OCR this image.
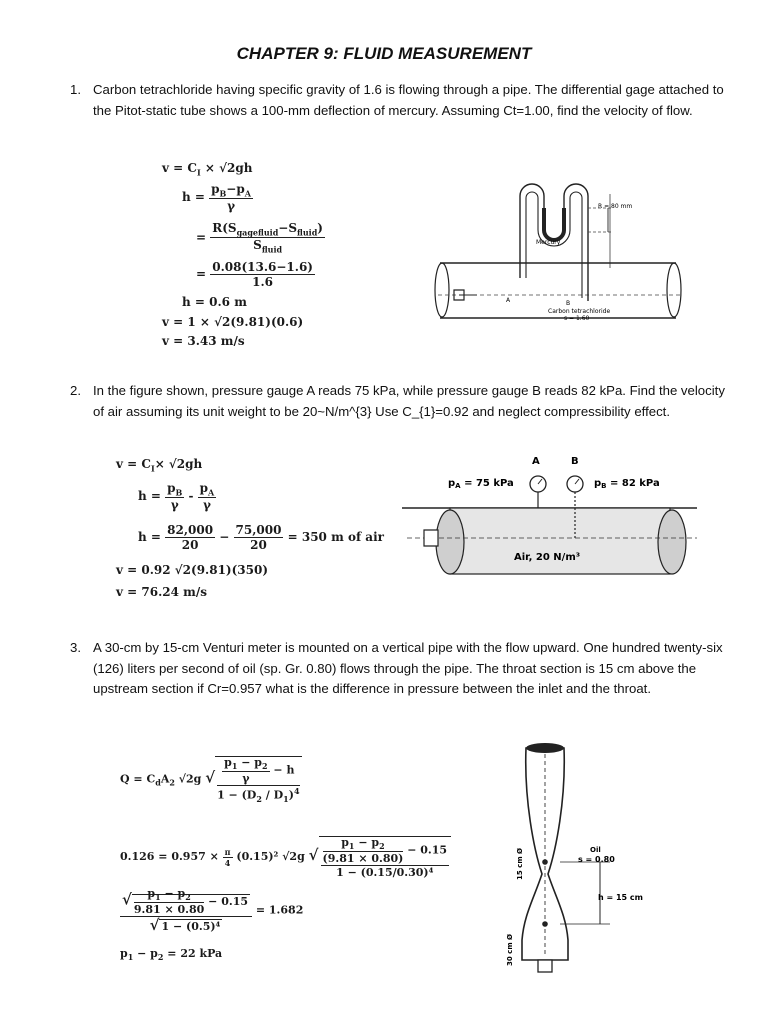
CHAPTER 9: FLUID MEASUREMENT
1. Carbon tetrachloride having specific gravity of 1.6 is flowing through a pipe. The differential gage attached to the Pitot-static tube shows a 100-mm deflection of mercury. Assuming Ct=1.00, find the velocity of flow.
$v = C_I \times √2gh$
$h = \frac{p_B-p_A}{\gamma}$
= $\frac{R(S_{gagefluid}-S_{fluid})}{S_{fluid}}$
= $\frac{0.08(13.6-1.6)}{1.6}$
h = 0.6 m
v = 1 × √2(9.81)(0.6)
v = 3.43 m/s
R = 80 mm
Mercury
A	B
Carbon tetrachloride
s = 1.60
2. In the figure shown, pressure gauge A reads 75 kPa, while pressure gauge B reads 82 kPa. Find the velocity of air assuming its unit weight to be 20~N/m^{3} Use C_{1}=0.92 and neglect compressibility effect.
$v = C_I\times √2gh$
$h = \frac{p_B}{\gamma} - \frac{p_A}{\gamma}$
$h = \frac{82,000}{20} - \frac{75,000}{20} = 350$ m of air
v = 0.92 √2(9.81)(350)
v = 76.24 m/s
A	B
$p_A = 75$ kPa	$p_B = 82$ kPa
Air, 20 N/m³
3. A 30-cm by 15-cm Venturi meter is mounted on a vertical pipe with the flow upward. One hundred twenty-six (126) liters per second of oil (sp. Gr. 0.80) flows through the pipe. The throat section is 15 cm above the upstream section if Cr=0.957 what is the difference in pressure between the inlet and the throat.
$Q = C_dA_2$ √2g √ $\frac{\frac{p_1 - p_2}{\gamma} - h}{1 - (D_2 / D_1)^4}$
$0.126 = 0.957 \times \frac{\pi}{4} (0.15)^2$ √2g √ $\frac{\frac{p_1 - p_2}{(9.81 \times 0.80)} - 0.15}{\text{1 − (0.15/0.30)⁴}}$
$\frac{√ \frac{p_1 - p_2}{9.81 \times 0.80} - 0.15}{\text{√ 1 − (0.5)⁴}} = 1.682$
$p_1 - p_2 = 22$ kPa
Oil
s = 0.80
h = 15 cm
15 cm Ø
30 cm Ø
